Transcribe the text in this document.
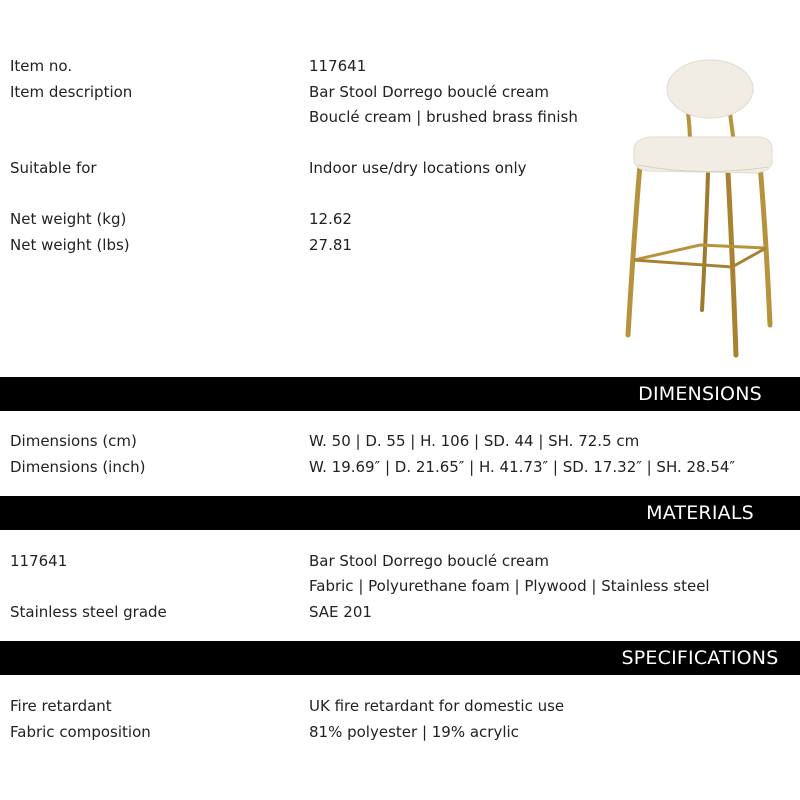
Item no.	117641
Item description	Bar Stool Dorrego bouclé cream
Bouclé cream | brushed brass finish
Suitable for	Indoor use/dry locations only
Net weight (kg)	12.62
Net weight (lbs)	27.81
DIMENSIONS
Dimensions (cm)	W. 50 | D. 55 | H. 106 | SD. 44 | SH. 72.5 cm
Dimensions (inch)	W. 19.69″ | D. 21.65″ | H. 41.73″ | SD. 17.32″ | SH. 28.54″
MATERIALS
117641	Bar Stool Dorrego bouclé cream
Fabric | Polyurethane foam | Plywood | Stainless steel
Stainless steel grade	SAE 201
SPECIFICATIONS
Fire retardant	UK fire retardant for domestic use
Fabric composition	81% polyester | 19% acrylic
